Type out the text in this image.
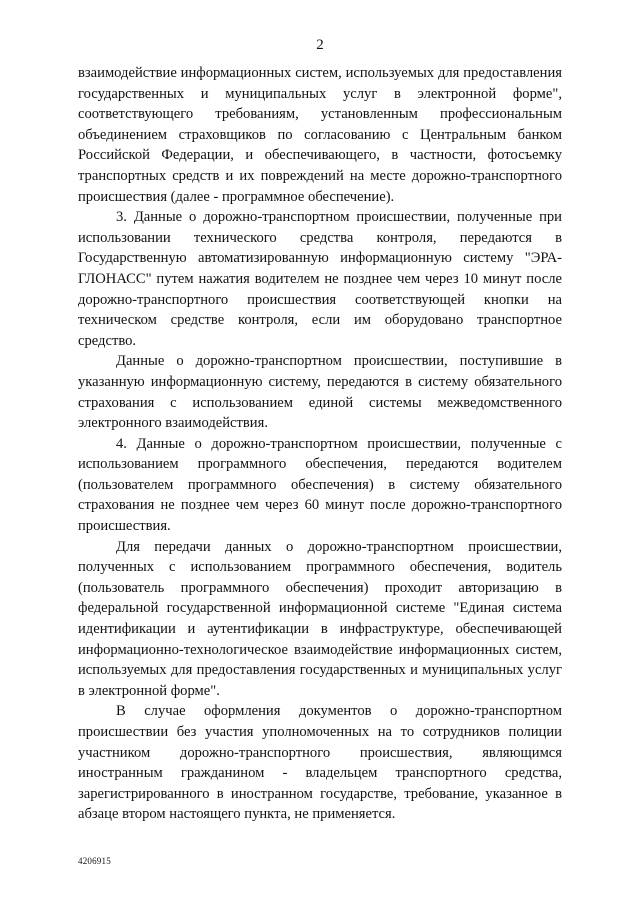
2

взаимодействие информационных систем, используемых для предоставления государственных и муниципальных услуг в электронной форме", соответствующего требованиям, установленным профессиональным объединением страховщиков по согласованию с Центральным банком Российской Федерации, и обеспечивающего, в частности, фотосъемку транспортных средств и их повреждений на месте дорожно-транспортного происшествия (далее - программное обеспечение).

3. Данные о дорожно-транспортном происшествии, полученные при использовании технического средства контроля, передаются в Государственную автоматизированную информационную систему "ЭРА-ГЛОНАСС" путем нажатия водителем не позднее чем через 10 минут после дорожно-транспортного происшествия соответствующей кнопки на техническом средстве контроля, если им оборудовано транспортное средство.

Данные о дорожно-транспортном происшествии, поступившие в указанную информационную систему, передаются в систему обязательного страхования с использованием единой системы межведомственного электронного взаимодействия.

4. Данные о дорожно-транспортном происшествии, полученные с использованием программного обеспечения, передаются водителем (пользователем программного обеспечения) в систему обязательного страхования не позднее чем через 60 минут после дорожно-транспортного происшествия.

Для передачи данных о дорожно-транспортном происшествии, полученных с использованием программного обеспечения, водитель (пользователь программного обеспечения) проходит авторизацию в федеральной государственной информационной системе "Единая система идентификации и аутентификации в инфраструктуре, обеспечивающей информационно-технологическое взаимодействие информационных систем, используемых для предоставления государственных и муниципальных услуг в электронной форме".

В случае оформления документов о дорожно-транспортном происшествии без участия уполномоченных на то сотрудников полиции участником дорожно-транспортного происшествия, являющимся иностранным гражданином - владельцем транспортного средства, зарегистрированного в иностранном государстве, требование, указанное в абзаце втором настоящего пункта, не применяется.

4206915
